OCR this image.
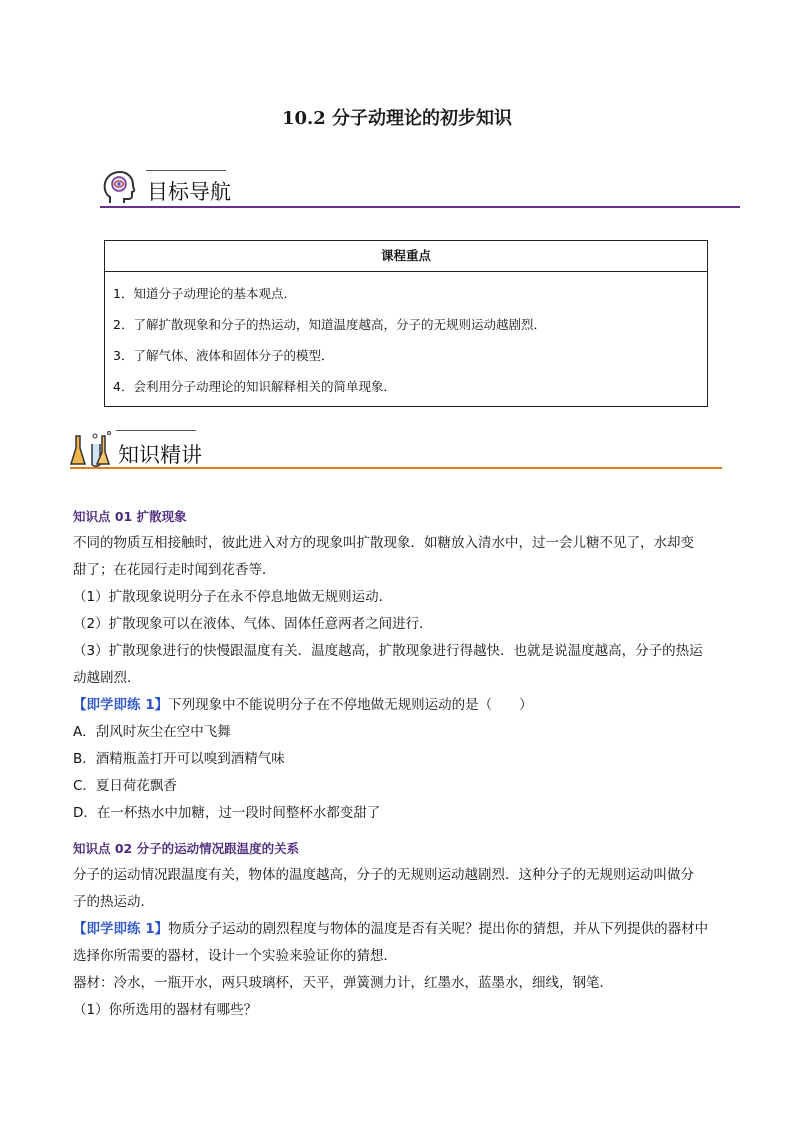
10.2 分子动理论的初步知识
目标导航
课程重点
1．知道分子动理论的基本观点．
2．了解扩散现象和分子的热运动，知道温度越高，分子的无规则运动越剧烈．
3．了解气体、液体和固体分子的模型．
4．会利用分子动理论的知识解释相关的简单现象．
知识精讲
知识点 01 扩散现象
不同的物质互相接触时，彼此进入对方的现象叫扩散现象．如糖放入清水中，过一会儿糖不见了，水却变
甜了；在花园行走时闻到花香等．
（1）扩散现象说明分子在永不停息地做无规则运动．
（2）扩散现象可以在液体、气体、固体任意两者之间进行．
（3）扩散现象进行的快慢跟温度有关．温度越高，扩散现象进行得越快．也就是说温度越高，分子的热运
动越剧烈．
【即学即练 1】下列现象中不能说明分子在不停地做无规则运动的是（　　）
A．刮风时灰尘在空中飞舞
B．酒精瓶盖打开可以嗅到酒精气味
C．夏日荷花飘香
D．在一杯热水中加糖，过一段时间整杯水都变甜了
知识点 02 分子的运动情况跟温度的关系
分子的运动情况跟温度有关，物体的温度越高，分子的无规则运动越剧烈．这种分子的无规则运动叫做分
子的热运动．
【即学即练 1】物质分子运动的剧烈程度与物体的温度是否有关呢？提出你的猜想，并从下列提供的器材中
选择你所需要的器材，设计一个实验来验证你的猜想．
器材：冷水，一瓶开水，两只玻璃杯，天平，弹簧测力计，红墨水，蓝墨水，细线，钢笔．
（1）你所选用的器材有哪些？
